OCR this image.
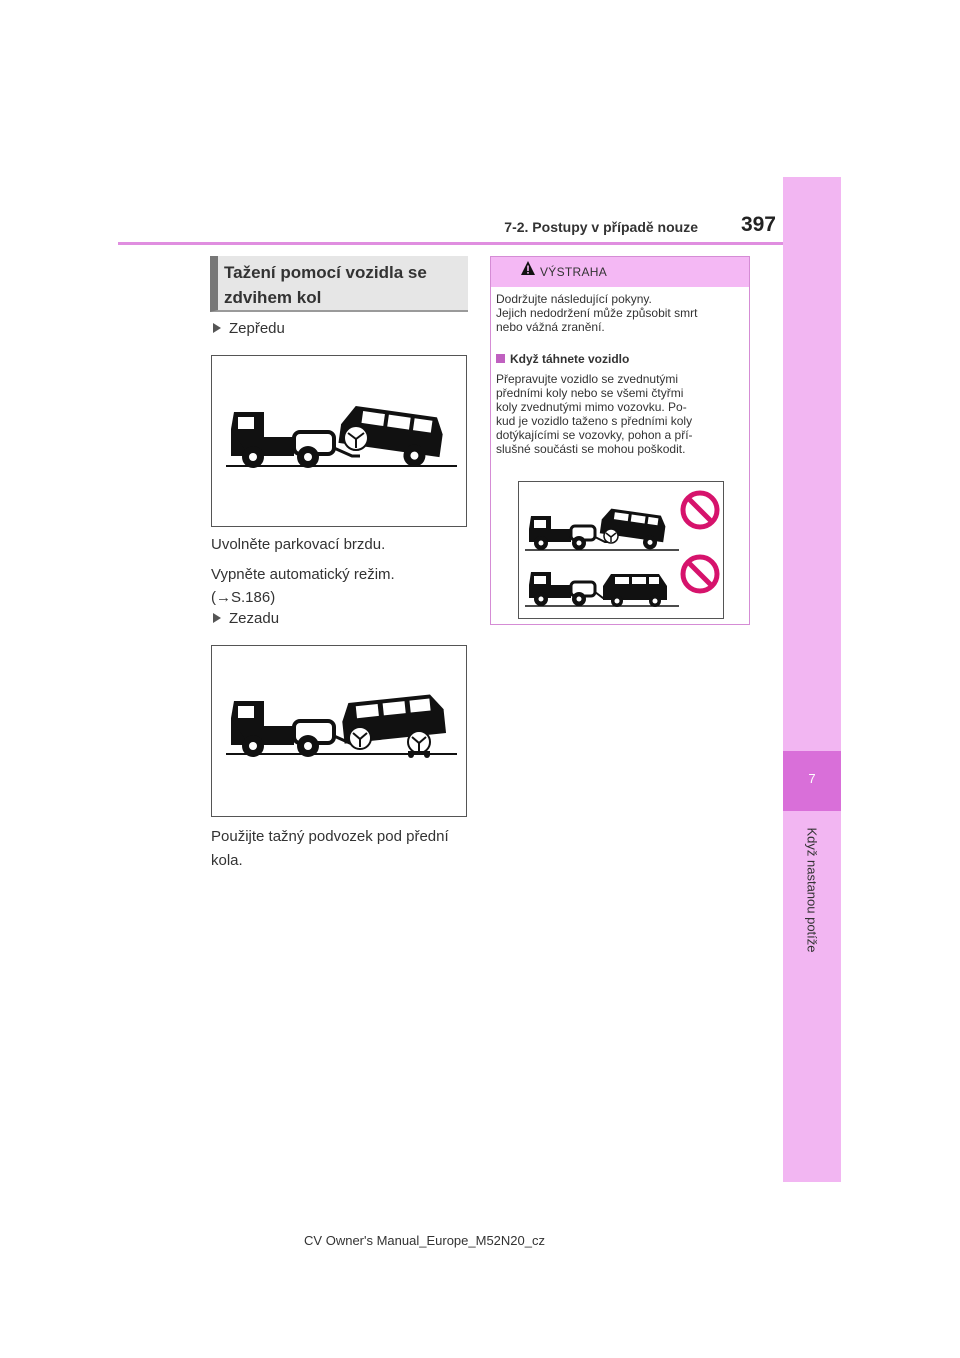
7
Když nastanou potíže
7-2. Postupy v případě nouze	397
Tažení pomocí vozidla se
zdvihem kol
Zepředu
Uvolněte parkovací brzdu.
Vypněte automatický režim.
(→S.186)
Zezadu
Použijte tažný podvozek pod přední
kola.
VÝSTRAHA
Dodržujte následující pokyny.
Jejich nedodržení může způsobit smrt
nebo vážná zranění.
Když táhnete vozidlo
Přepravujte vozidlo se zvednutými
předními koly nebo se všemi čtyřmi
koly zvednutými mimo vozovku. Po-
kud je vozidlo taženo s předními koly
dotýkajícími se vozovky, pohon a pří-
slušné součásti se mohou poškodit.
CV Owner's Manual_Europe_M52N20_cz
